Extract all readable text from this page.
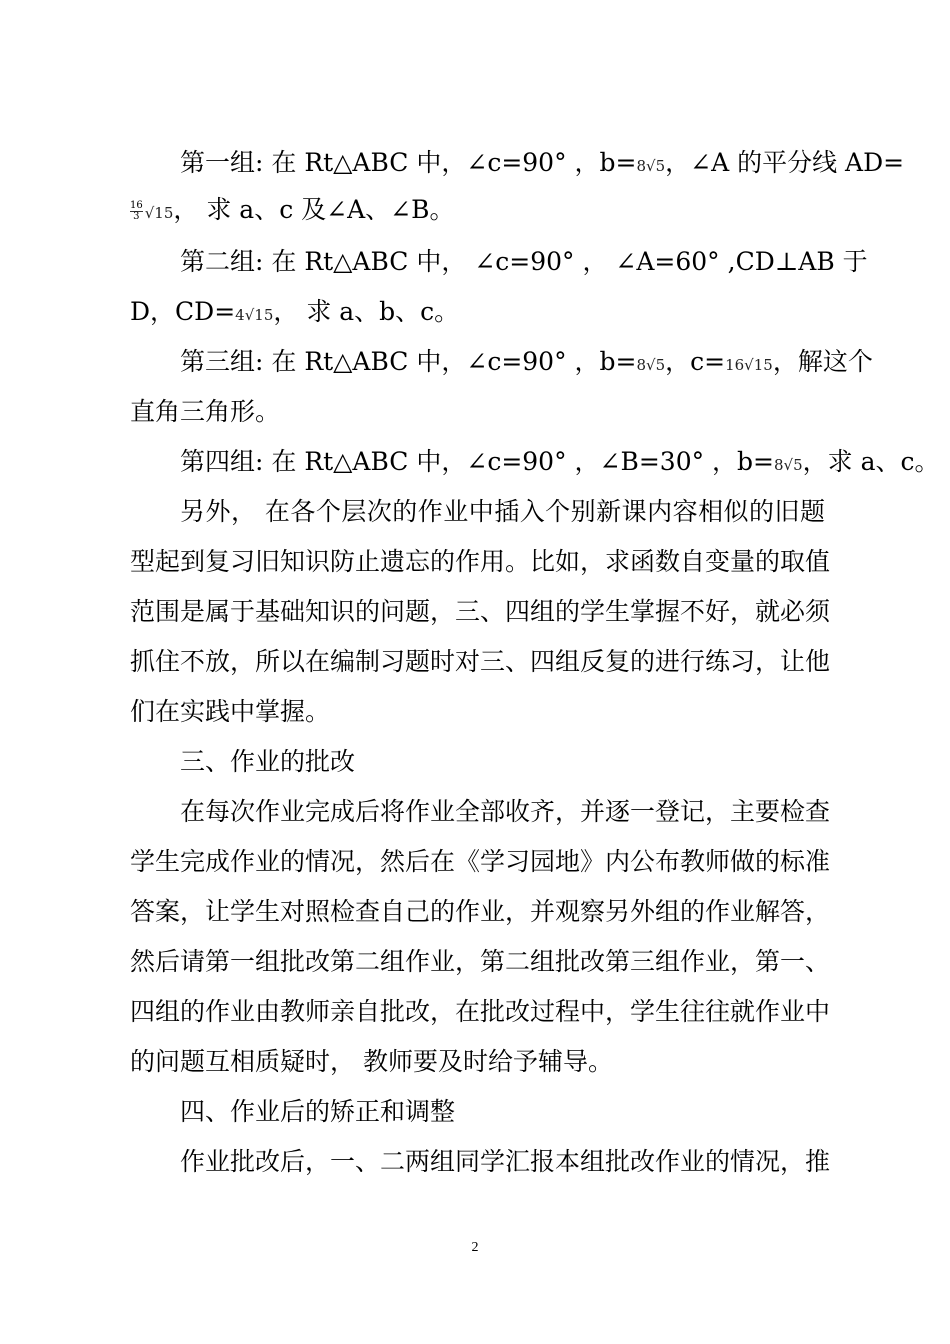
第一组: 在 Rt△ABC 中，∠c=90° ，b=8√5，∠A 的平分线 AD=
$\frac{16}{3} √15$， 求 a、c 及∠A、∠B。
第二组: 在 Rt△ABC 中， ∠c=90° ， ∠A=60° ,CD⊥AB 于
D，CD=4√15， 求 a、b、c。
第三组: 在 Rt△ABC 中，∠c=90° ，b=8√5，c=16√15，解这个
直角三角形。
第四组: 在 Rt△ABC 中，∠c=90° ，∠B=30° ，b=8√5，求 a、c。
另外， 在各个层次的作业中插入个别新课内容相似的旧题
型起到复习旧知识防止遗忘的作用。比如，求函数自变量的取值
范围是属于基础知识的问题，三、四组的学生掌握不好，就必须
抓住不放，所以在编制习题时对三、四组反复的进行练习，让他
们在实践中掌握。
三、作业的批改
在每次作业完成后将作业全部收齐，并逐一登记，主要检查
学生完成作业的情况，然后在《学习园地》内公布教师做的标准
答案，让学生对照检查自己的作业，并观察另外组的作业解答，
然后请第一组批改第二组作业，第二组批改第三组作业，第一、
四组的作业由教师亲自批改，在批改过程中，学生往往就作业中
的问题互相质疑时， 教师要及时给予辅导。
四、作业后的矫正和调整
作业批改后，一、二两组同学汇报本组批改作业的情况，推
2
